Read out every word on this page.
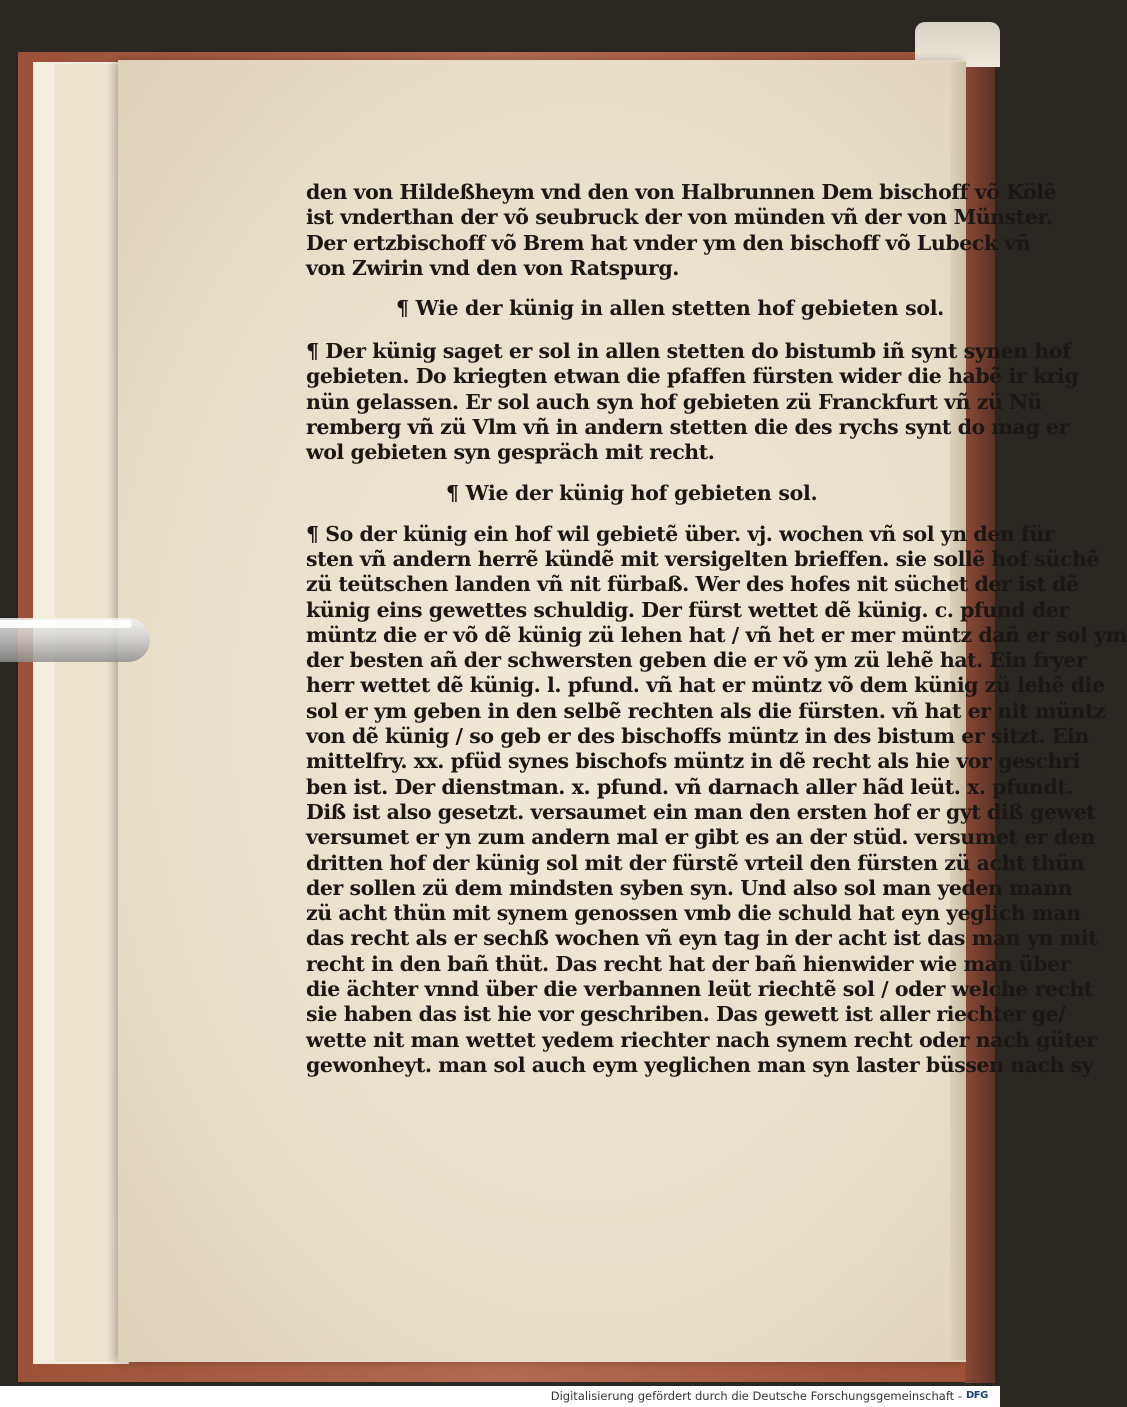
den von Hildeßheym vnd den von Halbrunnen Dem bischoff võ Kölẽ
ist vnderthan der võ seubruck der von münden vñ der von Münster.
Der ertzbischoff võ Brem hat vnder ym den bischoff võ Lubeck vñ
von Zwirin vnd den von Ratspurg.
¶ Wie der künig in allen stetten hof gebieten sol.
¶ Der künig saget er sol in allen stetten do bistumb iñ synt synen hof
gebieten. Do kriegten etwan die pfaffen fürsten wider die habẽ ir krig
nün gelassen. Er sol auch syn hof gebieten zü Franckfurt vñ zü Nü
remberg vñ zü Vlm vñ in andern stetten die des rychs synt do mag er
wol gebieten syn gespräch mit recht.
¶ Wie der künig hof gebieten sol.
¶ So der künig ein hof wil gebietẽ über. vj. wochen vñ sol yn den für
sten vñ andern herrẽ kündẽ mit versigelten brieffen. sie sollẽ hof süchẽ
zü teütschen landen vñ nit fürbaß. Wer des hofes nit süchet der ist dẽ
künig eins gewettes schuldig. Der fürst wettet dẽ künig. c. pfund der
müntz die er võ dẽ künig zü lehen hat / vñ het er mer müntz dañ er sol ym
der besten añ der schwersten geben die er võ ym zü lehẽ hat. Ein fryer
herr wettet dẽ künig. l. pfund. vñ hat er müntz võ dem künig zü lehẽ die
sol er ym geben in den selbẽ rechten als die fürsten. vñ hat er nit müntz
von dẽ künig / so geb er des bischoffs müntz in des bistum er sitzt. Ein
mittelfry. xx. pfüd synes bischofs müntz in dẽ recht als hie vor geschri
ben ist. Der dienstman. x. pfund. vñ darnach aller hãd leüt. x. pfundt.
Diß ist also gesetzt. versaumet ein man den ersten hof er gyt diß gewet
versumet er yn zum andern mal er gibt es an der stüd. versumet er den
dritten hof der künig sol mit der fürstẽ vrteil den fürsten zü acht thün
der sollen zü dem mindsten syben syn. Und also sol man yeden mann
zü acht thün mit synem genossen vmb die schuld hat eyn yeglich man
das recht als er sechß wochen vñ eyn tag in der acht ist das man yn mit
recht in den bañ thüt. Das recht hat der bañ hienwider wie man über
die ächter vnnd über die verbannen leüt riechtẽ sol / oder welche recht
sie haben das ist hie vor geschriben. Das gewett ist aller riechter ge/
wette nit man wettet yedem riechter nach synem recht oder nach güter
gewonheyt. man sol auch eym yeglichen man syn laster büssen nach sy
Digitalisierung gefördert durch die Deutsche Forschungsgemeinschaft - DFG
